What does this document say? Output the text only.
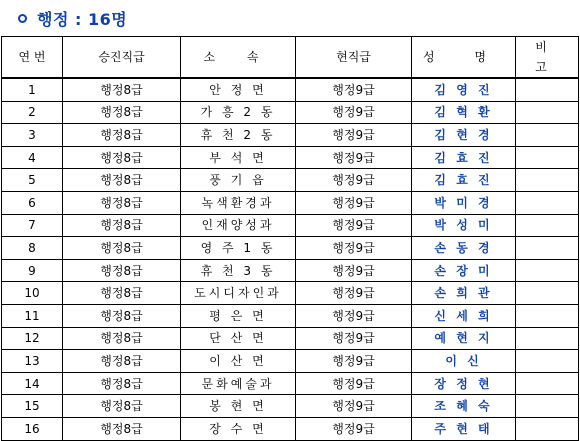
행정 : 16명
연 번	승진직급	소 속	현직급	성 명	비 고
1	행정8급	안 정 면	행정9급	김 영 진	
2	행정8급	가 흥 2 동	행정9급	김 혁 환	
3	행정8급	휴 천 2 동	행정9급	김 현 경	
4	행정8급	부 석 면	행정9급	김 효 진	
5	행정8급	풍 기 읍	행정9급	김 효 진	
6	행정8급	녹색환경과	행정9급	박 미 경	
7	행정8급	인재양성과	행정9급	박 성 미	
8	행정8급	영 주 1 동	행정9급	손 동 경	
9	행정8급	휴 천 3 동	행정9급	손 장 미	
10	행정8급	도시디자인과	행정9급	손 희 관	
11	행정8급	평 은 면	행정9급	신 세 희	
12	행정8급	단 산 면	행정9급	예 현 지	
13	행정8급	이 산 면	행정9급	이 신	
14	행정8급	문화예술과	행정9급	장 정 현	
15	행정8급	봉 현 면	행정9급	조 혜 숙	
16	행정8급	장 수 면	행정9급	주 현 태	
